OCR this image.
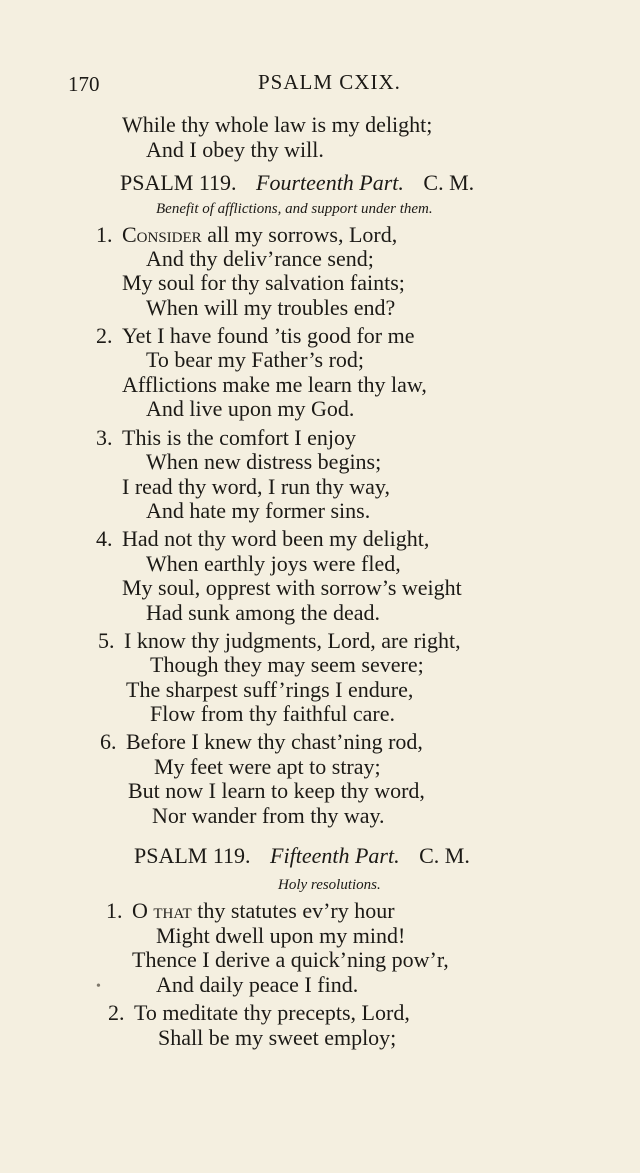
170	PSALM CXIX.
While thy whole law is my delight;
And I obey thy will.
PSALM 119. Fourteenth Part. C. M.
Benefit of afflictions, and support under them.
1. Consider all my sorrows, Lord,
And thy deliv’rance send;
My soul for thy salvation faints;
When will my troubles end?
2. Yet I have found ’tis good for me
To bear my Father’s rod;
Afflictions make me learn thy law,
And live upon my God.
3. This is the comfort I enjoy
When new distress begins;
I read thy word, I run thy way,
And hate my former sins.
4. Had not thy word been my delight,
When earthly joys were fled,
My soul, opprest with sorrow’s weight
Had sunk among the dead.
5. I know thy judgments, Lord, are right,
Though they may seem severe;
The sharpest suff’rings I endure,
Flow from thy faithful care.
6. Before I knew thy chast’ning rod,
My feet were apt to stray;
But now I learn to keep thy word,
Nor wander from thy way.
PSALM 119. Fifteenth Part. C. M.
Holy resolutions.
1. O that thy statutes ev’ry hour
Might dwell upon my mind!
Thence I derive a quick’ning pow’r,
And daily peace I find.
•
2. To meditate thy precepts, Lord,
Shall be my sweet employ;
